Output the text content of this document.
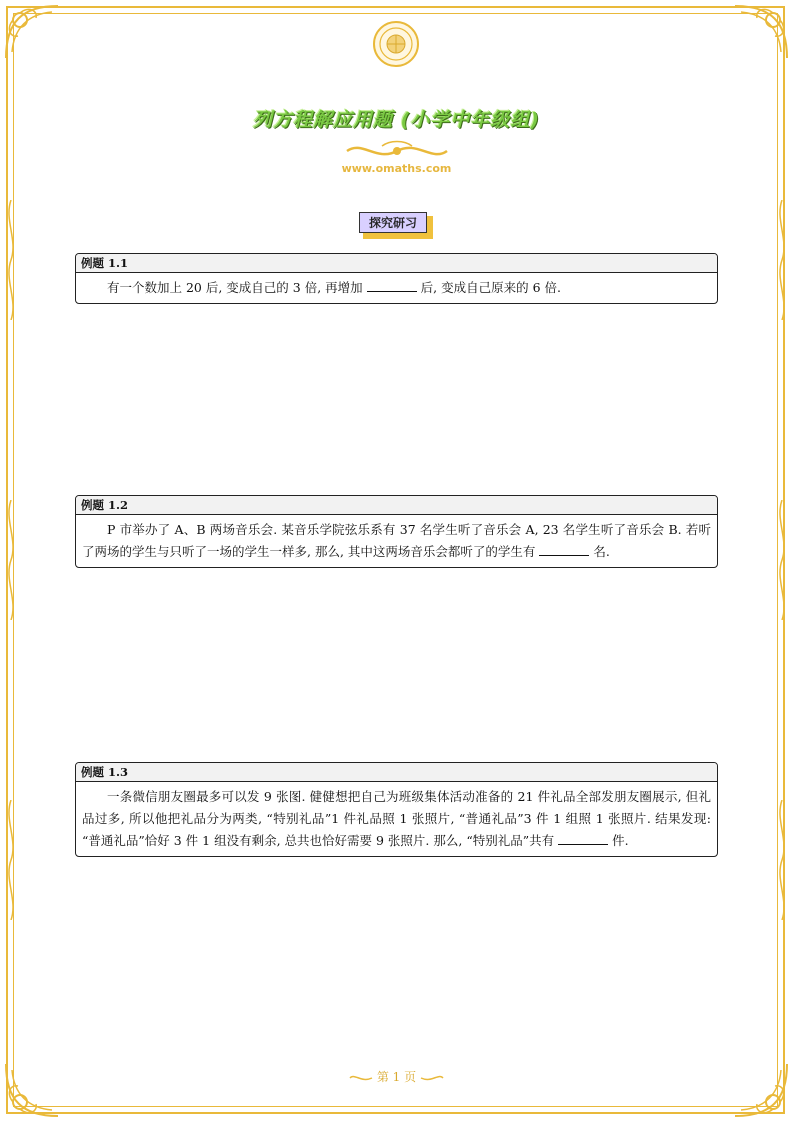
列方程解应用题 (小学中年级组)
www.omaths.com
探究研习
例题 1.1

有一个数加上 20 后, 变成自己的 3 倍, 再增加	后, 变成自己原来的 6 倍.

例题 1.2

P 市举办了 A、B 两场音乐会. 某音乐学院弦乐系有 37 名学生听了音乐会 A, 23 名学生听了音乐会 B. 若听了两场的学生与只听了一场的学生一样多, 那么, 其中这两场音乐会都听了的学生有	名.

例题 1.3

一条微信朋友圈最多可以发 9 张图. 健健想把自己为班级集体活动准备的 21 件礼品全部发朋友圈展示, 但礼品过多, 所以他把礼品分为两类, “特别礼品”1 件礼品照 1 张照片, “普通礼品”3 件 1 组照 1 张照片. 结果发现: “普通礼品”恰好 3 件 1 组没有剩余, 总共也恰好需要 9 张照片. 那么, “特别礼品”共有	件.

第 1 页
